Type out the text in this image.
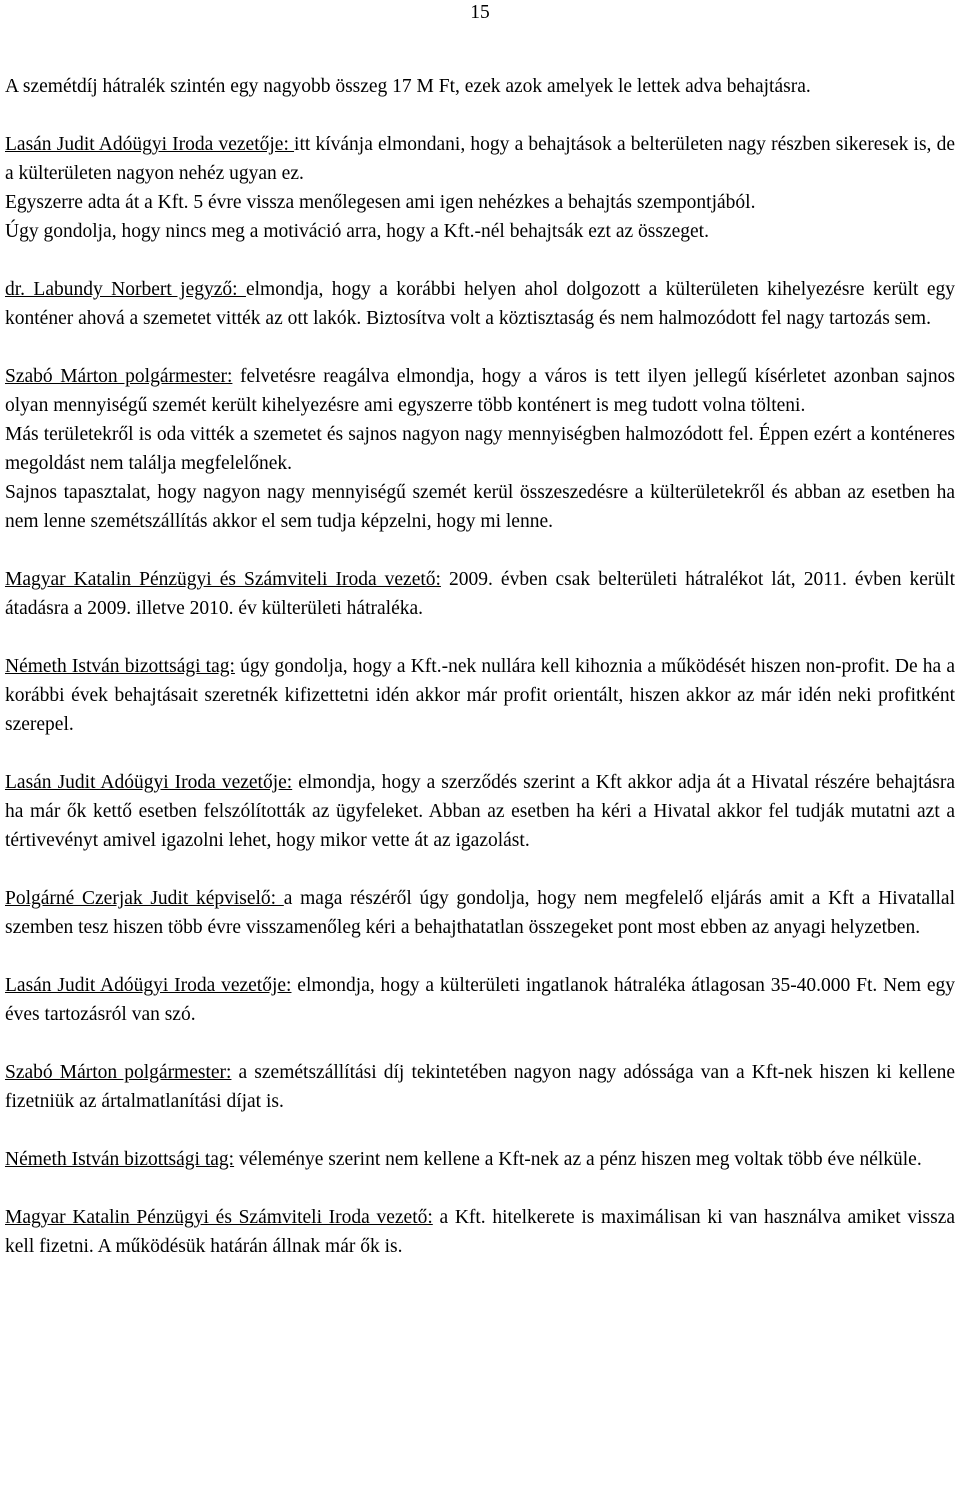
15

A szemétdíj hátralék szintén egy nagyobb összeg 17 M Ft, ezek azok amelyek le lettek adva behajtásra.

Lasán Judit Adóügyi Iroda vezetője: itt kívánja elmondani, hogy a behajtások a belterületen nagy részben sikeresek is, de a külterületen nagyon nehéz ugyan ez.

Egyszerre adta át a Kft. 5 évre vissza menőlegesen ami igen nehézkes a behajtás szempontjából.

Úgy gondolja, hogy nincs meg a motiváció arra, hogy a Kft.-nél behajtsák ezt az összeget.

dr. Labundy Norbert jegyző: elmondja, hogy a korábbi helyen ahol dolgozott a külterületen kihelyezésre került egy konténer ahová a szemetet vitték az ott lakók. Biztosítva volt a köztisztaság és nem halmozódott fel nagy tartozás sem.

Szabó Márton polgármester: felvetésre reagálva elmondja, hogy a város is tett ilyen jellegű kísérletet azonban sajnos olyan mennyiségű szemét került kihelyezésre ami egyszerre több konténert is meg tudott volna tölteni.

Más területekről is oda vitték a szemetet és sajnos nagyon nagy mennyiségben halmozódott fel. Éppen ezért a konténeres megoldást nem találja megfelelőnek.

Sajnos tapasztalat, hogy nagyon nagy mennyiségű szemét kerül összeszedésre a külterületekről és abban az esetben ha nem lenne szemétszállítás akkor el sem tudja képzelni, hogy mi lenne.

Magyar Katalin Pénzügyi és Számviteli Iroda vezető: 2009. évben csak belterületi hátralékot lát, 2011. évben került átadásra a 2009. illetve 2010. év külterületi hátraléka.

Németh István bizottsági tag: úgy gondolja, hogy a Kft.-nek nullára kell kihoznia a működését hiszen non-profit. De ha a korábbi évek behajtásait szeretnék kifizettetni idén akkor már profit orientált, hiszen akkor az már idén neki profitként szerepel.

Lasán Judit Adóügyi Iroda vezetője: elmondja, hogy a szerződés szerint a Kft akkor adja át a Hivatal részére behajtásra ha már ők kettő esetben felszólították az ügyfeleket. Abban az esetben ha kéri a Hivatal akkor fel tudják mutatni azt a tértivevényt amivel igazolni lehet, hogy mikor vette át az igazolást.

Polgárné Czerjak Judit képviselő: a maga részéről úgy gondolja, hogy nem megfelelő eljárás amit a Kft a Hivatallal szemben tesz hiszen több évre visszamenőleg kéri a behajthatatlan összegeket pont most ebben az anyagi helyzetben.

Lasán Judit Adóügyi Iroda vezetője: elmondja, hogy a külterületi ingatlanok hátraléka átlagosan 35-40.000 Ft. Nem egy éves tartozásról van szó.

Szabó Márton polgármester: a szemétszállítási díj tekintetében nagyon nagy adóssága van a Kft-nek hiszen ki kellene fizetniük az ártalmatlanítási díjat is.

Németh István bizottsági tag: véleménye szerint nem kellene a Kft-nek az a pénz hiszen meg voltak több éve nélküle.

Magyar Katalin Pénzügyi és Számviteli Iroda vezető: a Kft. hitelkerete is maximálisan ki van használva amiket vissza kell fizetni. A működésük határán állnak már ők is.
